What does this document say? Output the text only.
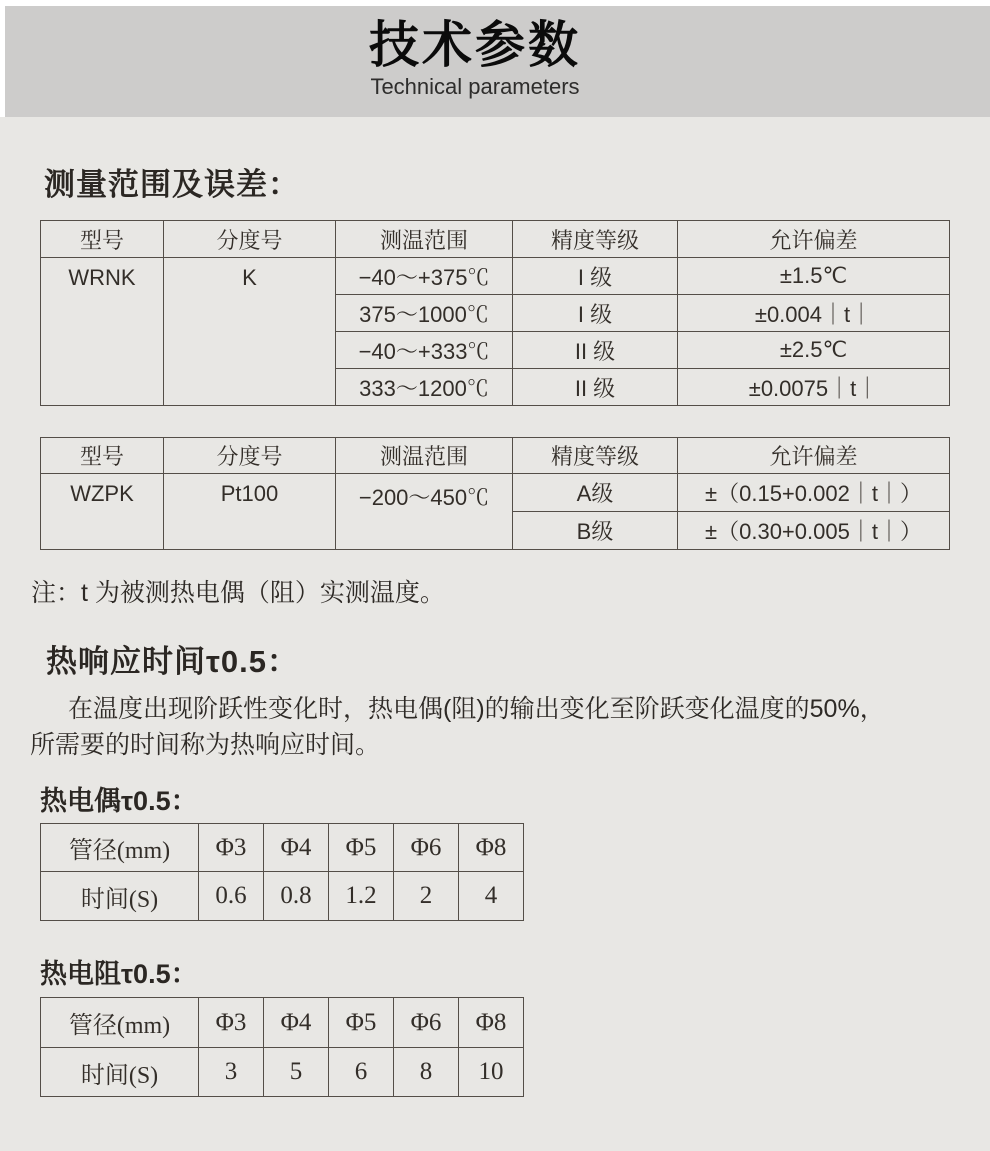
技术参数
Technical parameters
测量范围及误差：
型号	分度号	测温范围	精度等级	允许偏差
WRNK	K	−40～+375℃	I 级	±1.5℃
		375～1000℃	I 级	±0.004｜t｜
		−40～+333℃	II 级	±2.5℃
		333～1200℃	II 级	±0.0075｜t｜
型号	分度号	测温范围	精度等级	允许偏差
WZPK	Pt100	−200～450℃	A级	±（0.15+0.002｜t｜）
			B级	±（0.30+0.005｜t｜）
注：t 为被测热电偶（阻）实测温度。
热响应时间τ0.5：
在温度出现阶跃性变化时，热电偶(阻)的输出变化至阶跃变化温度的50%，
所需要的时间称为热响应时间。
热电偶τ0.5：
管径(mm)	Φ3	Φ4	Φ5	Φ6	Φ8
时间(S)	0.6	0.8	1.2	2	4
热电阻τ0.5：
管径(mm)	Φ3	Φ4	Φ5	Φ6	Φ8
时间(S)	3	5	6	8	10
